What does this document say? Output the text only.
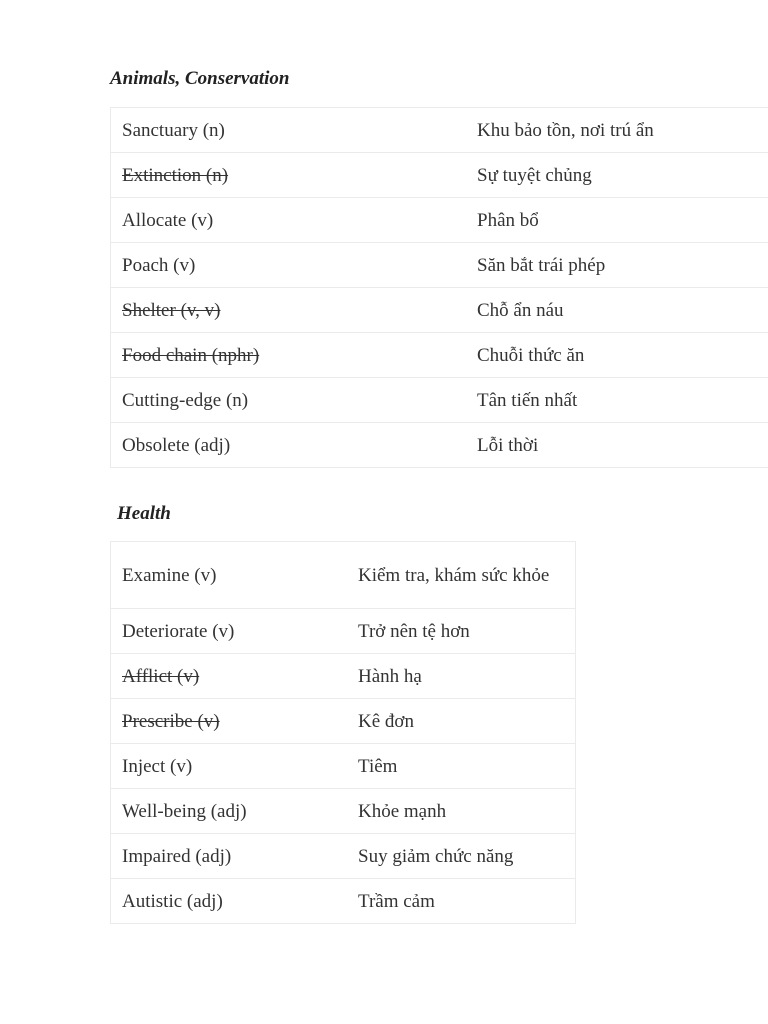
Animals, Conservation
Sanctuary (n)	Khu bảo tồn, nơi trú ẩn
Extinction (n)	Sự tuyệt chủng
Allocate (v)	Phân bổ
Poach (v)	Săn bắt trái phép
Shelter (v, v)	Chỗ ẩn náu
Food chain (nphr)	Chuỗi thức ăn
Cutting-edge (n)	Tân tiến nhất
Obsolete (adj)	Lỗi thời
Health
Examine (v)	Kiểm tra, khám sức khỏe
Deteriorate (v)	Trở nên tệ hơn
Afflict (v)	Hành hạ
Prescribe (v)	Kê đơn
Inject (v)	Tiêm
Well-being (adj)	Khỏe mạnh
Impaired (adj)	Suy giảm chức năng
Autistic (adj)	Trầm cảm
